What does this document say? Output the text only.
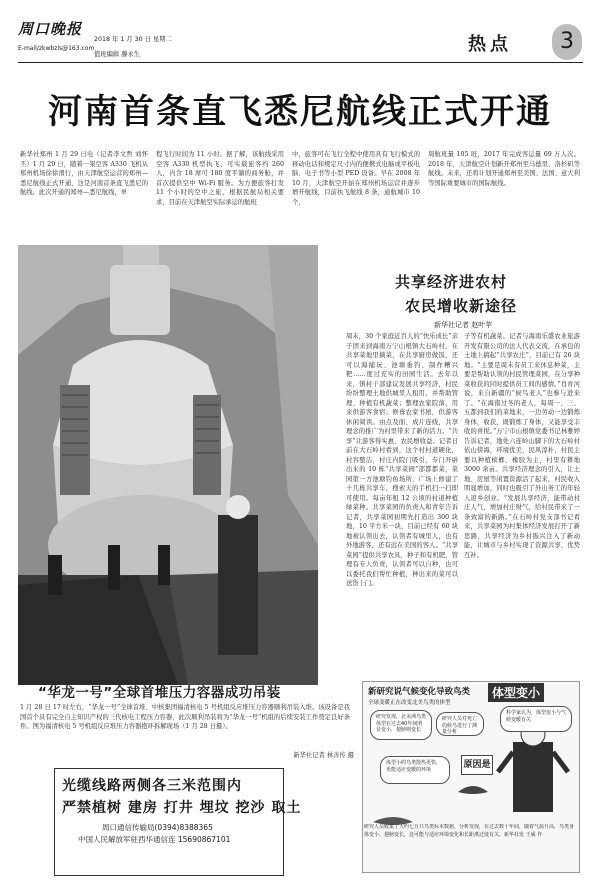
周口晚报
E-mail/zkwbzls@163.com
2018 年 1 月 30 日 星期二
值班编辑 滕永生	热点	3
河南首条直飞悉尼航线正式开通
新华社郑州 1 月 29 日电（记者李文哲 刘怀丕）1 月 29 日，随着一架空客 A330 飞机从郑州机场徐徐滑行，由天津航空运营的郑州—悉尼航线正式开通，这是河南首条直飞悉尼的航线。此次开通的郑州—悉尼航线，单
程飞行时间为 11 小时。据了解，该航线采用空客 A330 机型执飞，可实载旅客约 260 人，内含 18 席可 180 度平躺的商务舱，并首次提供空中 Wi-Fi 服务。为方便旅客打发 11 个小时的空中之旅，根据民航局相关要求，目前在天津航空实际承运的航班
中，旅客可在飞行全程中使用具有飞行模式的移动电话和规定尺寸内的便携式电脑或平板电脑、电子书等小型 PED 设备。早在 2008 年 10 月，天津航空开始在郑州机场运营并逐步增开航线，目前执飞航线 8 条，通航城市 10 个，
周航班量 105 班，2017 年完成客运量 69 万人次。2018 年，天津航空计划新开郑州至马德里、洛杉矶等航线。未来，还将计划开通郑州至美国、法国、意大利等国际重要城市的国际航线。
“华龙一号”全球首堆压力容器成功吊装
1 月 28 日 17 时左右，“华龙一号”全球首堆、中核集团福清核电 5 号机组反应堆压力容器顺利吊装入堆。该设备是我国首个具有完全自主知识产权的三代核电工程压力容器，此次顺利吊装将为“华龙一号”机组的后续安装工作奠定良好条件。图为福清核电 5 号机组反应堆压力容器抱环拆解现场（1 月 28 日摄）。
新华社记者 林善传 摄
共享经济进农村
农民增收新途径
新华社记者 赵叶苹
周末，30 个家庭近百人的“快乐成长”亲子团来到海南万宁山根镇大石岭村，在共享菜地里摘菜，在共享厨房做饭，还可以海捕玩、池塘垂钓、制作糟兴粑……度过充实的田园生活。去年以来，镇村干部建议发展共享经济，村民纷纷整理土地供城里人租用，并帮助管理、种植有机蔬菜；整理农家院落，用来供游客食宿；修葺农家书屋，供游客休闲阅读。由点及面、成片连线，共享理念的推广为村里带来了新的活力。“共享”让游客得实惠，农民增收益。记者日前在大石岭村看到，这个村村道硬化，村容整洁，村庄内院门吸引，专门开辟出来的 10 栋“共享菜园”部都都菜，菜园第一方池塘钓鱼场所，广场上修建了十几栋共享车，搜索天的手机扫一扫即可使用。每亩年租 12 公顷的村道种植绿菜种。共享菜园的负责人和青年告诉记者，共享菜园初期先打造出 300 块地，10 平方米一块，目前已经有 60 块地被认领出去，认领者有城里人，也有外地游客，还有远在美国的客人。“共享菜园”提供共享农具，种子和有机肥，管理有专人负责，认领者可以自种，也可以委托我们帮忙种植，种出来的菜可以送货上门。
子等有机蔬菜。记者与海南乐盛农业旅游开发有限公司的法人代表交流，在承包的土地上搞起“共享农庄”，目前已有 26 块地。“主要是周末有员工来休息种菜，主要是帮助认领的村民管理菜园，在分享种菜收获的同时提供员工间的感情。”肖育河说，来自新疆的“候鸟老人”也参与进来了。“在海南过冬的老人，每周一、三、五都到我们的菜地来，一边劳动一边锻炼身体，收获、既锻炼了身体，又能享受丰收的喜悦。”万宁市山根镇党委书记林雅婷告诉记者，地处六连岭山脚下的大石岭村依山傍海，环境优美，民风淳朴，村民主要以种植槟榔、橡胶为主，村里有耕地 3000 余亩。共享经济理念的引入，让土地、房屋等闲置资源活了起来，村民收入明显增加，同时也吸引了外出务工的年轻人返乡创业。“发展共享经济，能带动村庄人气，增加村庄财气，给村民带来了一条致富的新路。”在石岭村党支部书记看来，共享菜园为村集体经济发展打开了新思路，共享经济为乡村振兴注入了新动能，让城市与乡村实现了资源共享、优势互补。
光缆线路两侧各三米范围内
严禁植树 建房 打井 埋坟 挖沙 取土
周口通信传输局(0394)8388365
中国人民解放军驻西华通信连 15690867101
新研究说气候变化导致鸟类	体型变小
全球变暖正在改变北美鸟类的体型
研究发现，北美洲鸟类体型在过去40年间明显变小，翅膀则变长
研究人员对死亡的候鸟进行了测量分析
科学家认为，体型变小与气候变暖有关
体型小的鸟类散热更快，更能适应变暖的环境	原因是
研究人员收集了大约七万只鸟类标本数据，分析发现，在过去数十年间，随着气温升高，鸟类身体变小、翅膀变长，这可能与适应环境变化和长距离迁徙有关。新华社发 王威 作
